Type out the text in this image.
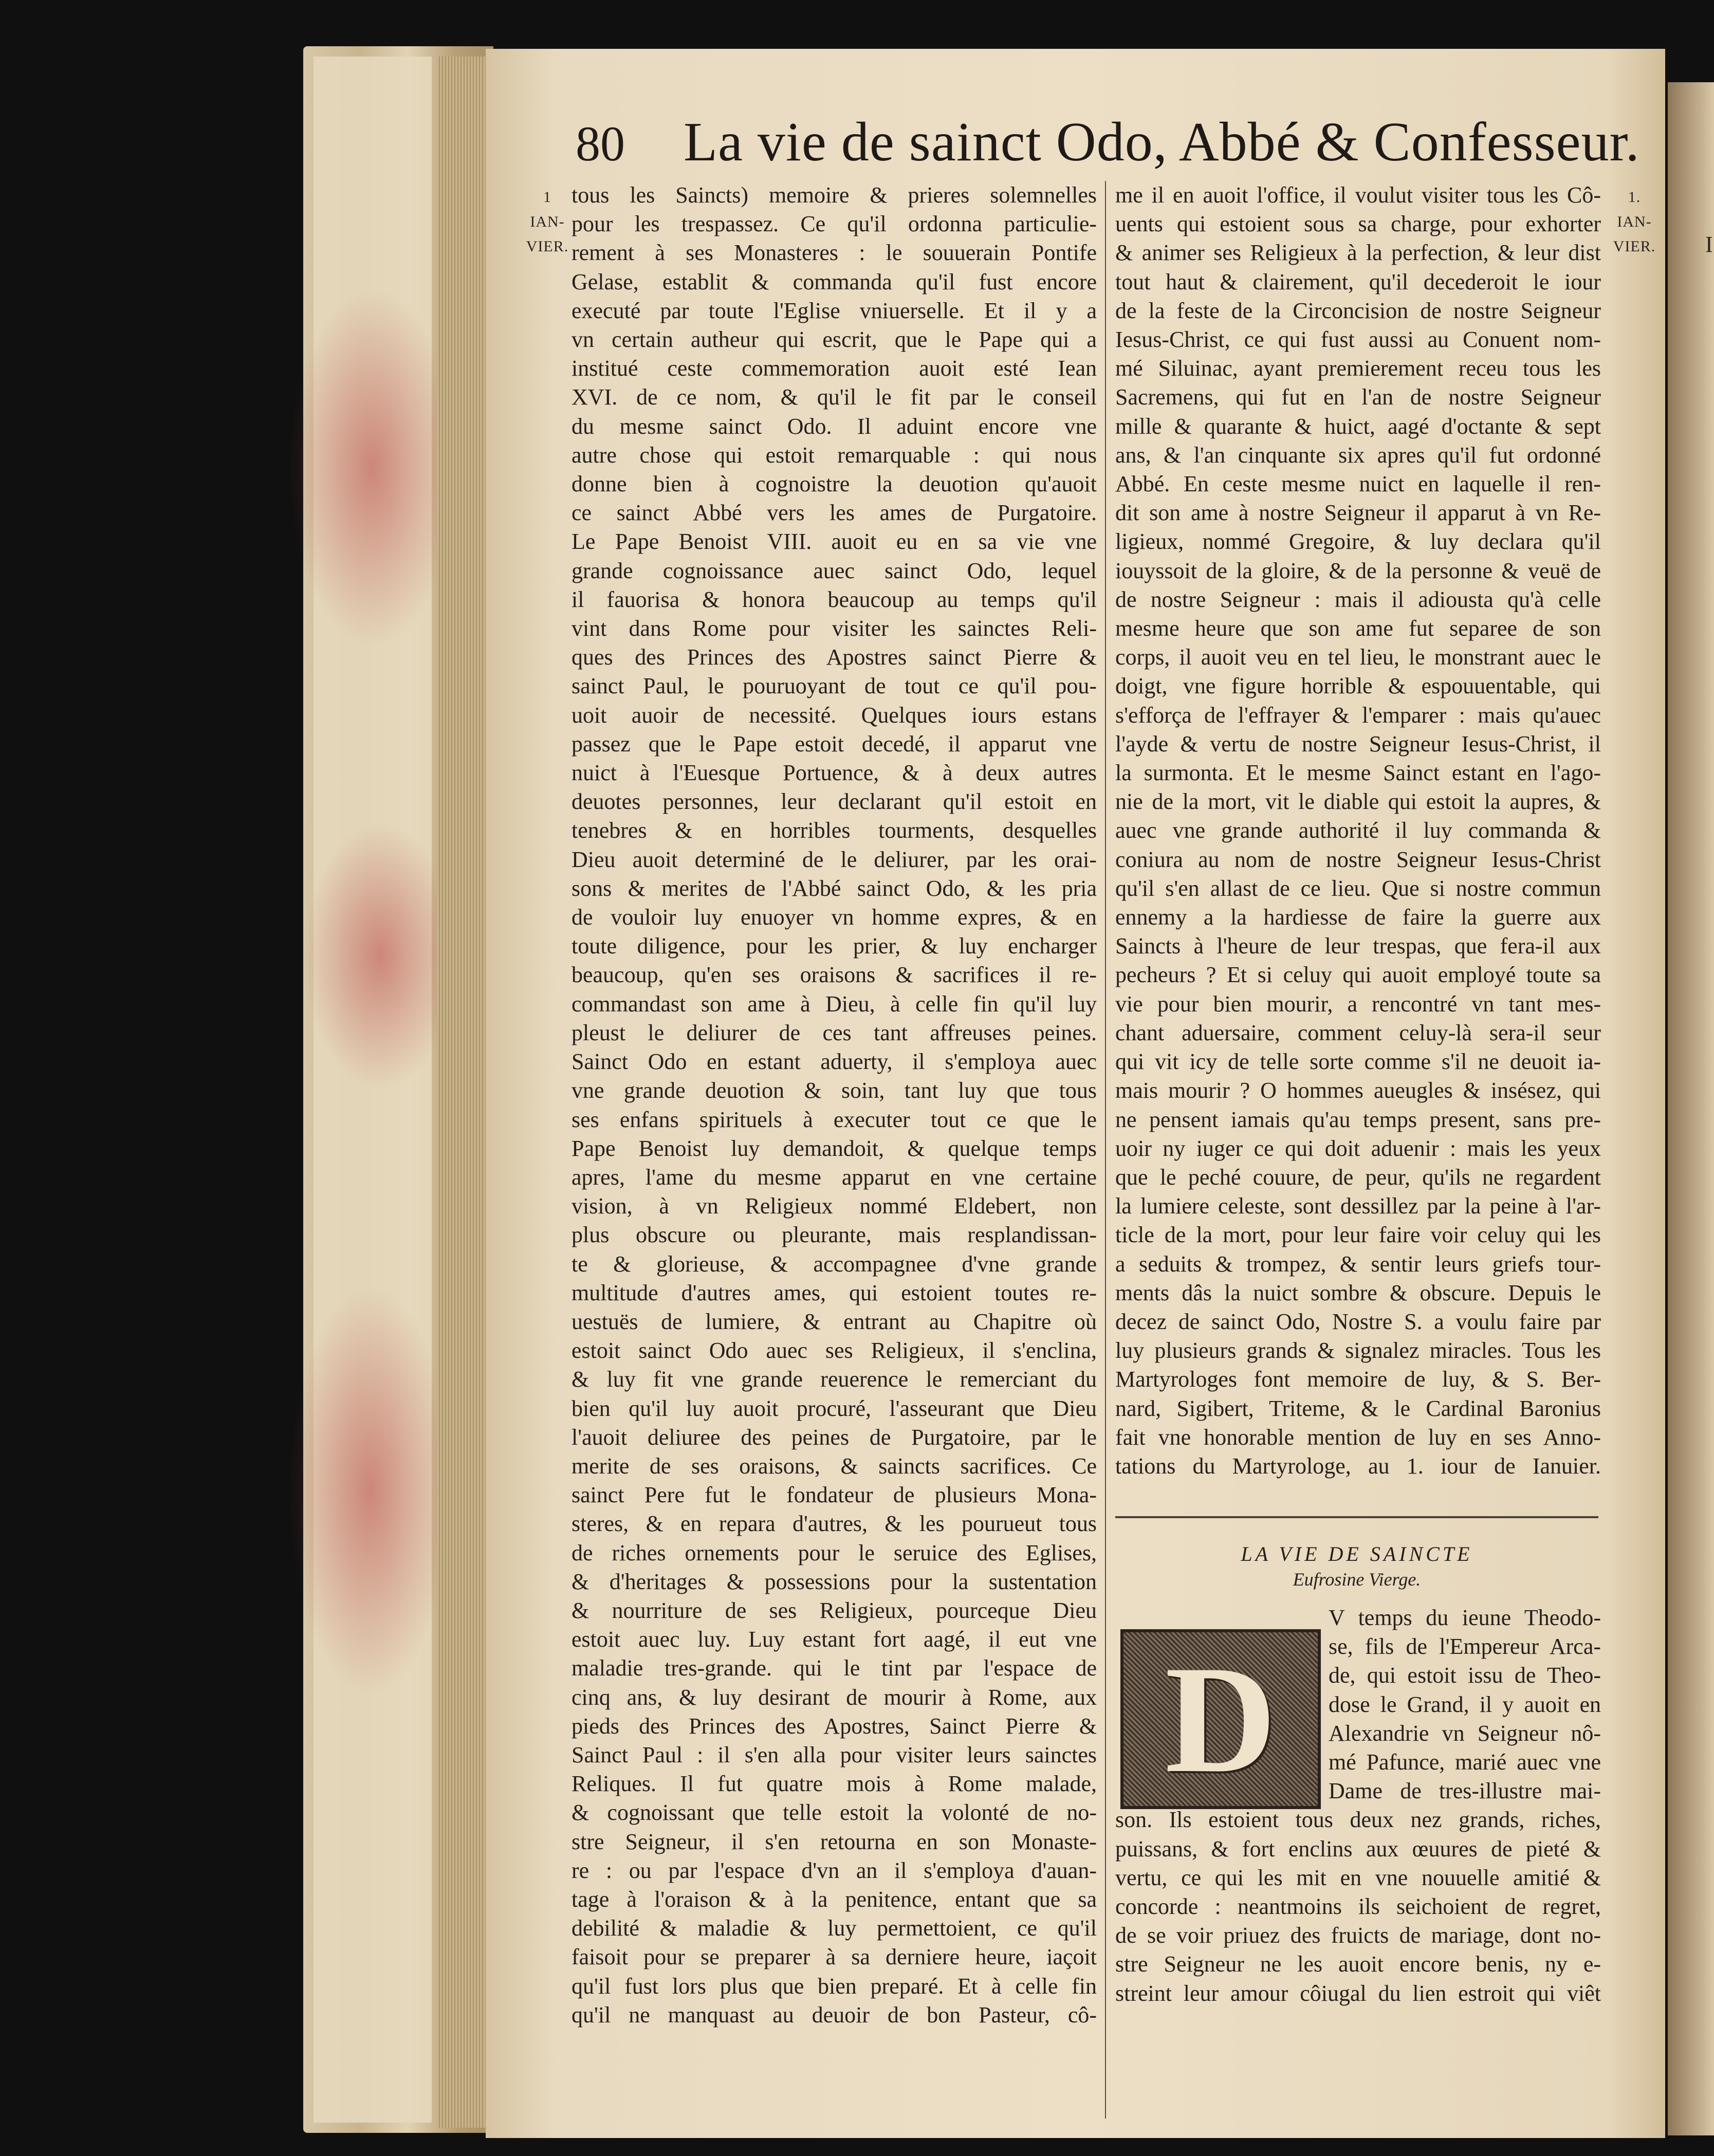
I
80	La vie de sainct Odo, Abbé & Confesseur.
1
IAN-
VIER.
1.
IAN-
VIER.
tous les Saincts) memoire & prieres solemnelles
pour les trespassez. Ce qu'il ordonna particulie-
rement à ses Monasteres : le souuerain Pontife
Gelase, establit & commanda qu'il fust encore
executé par toute l'Eglise vniuerselle. Et il y a
vn certain autheur qui escrit, que le Pape qui a
institué ceste commemoration auoit esté Iean
XVI. de ce nom, & qu'il le fit par le conseil
du mesme sainct Odo. Il aduint encore vne
autre chose qui estoit remarquable : qui nous
donne bien à cognoistre la deuotion qu'auoit
ce sainct Abbé vers les ames de Purgatoire.
Le Pape Benoist VIII. auoit eu en sa vie vne
grande cognoissance auec sainct Odo, lequel
il fauorisa & honora beaucoup au temps qu'il
vint dans Rome pour visiter les sainctes Reli-
ques des Princes des Apostres sainct Pierre &
sainct Paul, le pouruoyant de tout ce qu'il pou-
uoit auoir de necessité. Quelques iours estans
passez que le Pape estoit decedé, il apparut vne
nuict à l'Euesque Portuence, & à deux autres
deuotes personnes, leur declarant qu'il estoit en
tenebres & en horribles tourments, desquelles
Dieu auoit determiné de le deliurer, par les orai-
sons & merites de l'Abbé sainct Odo, & les pria
de vouloir luy enuoyer vn homme expres, & en
toute diligence, pour les prier, & luy encharger
beaucoup, qu'en ses oraisons & sacrifices il re-
commandast son ame à Dieu, à celle fin qu'il luy
pleust le deliurer de ces tant affreuses peines.
Sainct Odo en estant aduerty, il s'employa auec
vne grande deuotion & soin, tant luy que tous
ses enfans spirituels à executer tout ce que le
Pape Benoist luy demandoit, & quelque temps
apres, l'ame du mesme apparut en vne certaine
vision, à vn Religieux nommé Eldebert, non
plus obscure ou pleurante, mais resplandissan-
te & glorieuse, & accompagnee d'vne grande
multitude d'autres ames, qui estoient toutes re-
uestuës de lumiere, & entrant au Chapitre où
estoit sainct Odo auec ses Religieux, il s'enclina,
& luy fit vne grande reuerence le remerciant du
bien qu'il luy auoit procuré, l'asseurant que Dieu
l'auoit deliuree des peines de Purgatoire, par le
merite de ses oraisons, & saincts sacrifices. Ce
sainct Pere fut le fondateur de plusieurs Mona-
steres, & en repara d'autres, & les pourueut tous
de riches ornements pour le seruice des Eglises,
& d'heritages & possessions pour la sustentation
& nourriture de ses Religieux, pourceque Dieu
estoit auec luy. Luy estant fort aagé, il eut vne
maladie tres-grande. qui le tint par l'espace de
cinq ans, & luy desirant de mourir à Rome, aux
pieds des Princes des Apostres, Sainct Pierre &
Sainct Paul : il s'en alla pour visiter leurs sainctes
Reliques. Il fut quatre mois à Rome malade,
& cognoissant que telle estoit la volonté de no-
stre Seigneur, il s'en retourna en son Monaste-
re : ou par l'espace d'vn an il s'employa d'auan-
tage à l'oraison & à la penitence, entant que sa
debilité & maladie & luy permettoient, ce qu'il
faisoit pour se preparer à sa derniere heure, iaçoit
qu'il fust lors plus que bien preparé. Et à celle fin
qu'il ne manquast au deuoir de bon Pasteur, cô-
me il en auoit l'office, il voulut visiter tous les Cô-
uents qui estoient sous sa charge, pour exhorter
& animer ses Religieux à la perfection, & leur dist
tout haut & clairement, qu'il decederoit le iour
de la feste de la Circoncision de nostre Seigneur
Iesus-Christ, ce qui fust aussi au Conuent nom-
mé Siluinac, ayant premierement receu tous les
Sacremens, qui fut en l'an de nostre Seigneur
mille & quarante & huict, aagé d'octante & sept
ans, & l'an cinquante six apres qu'il fut ordonné
Abbé. En ceste mesme nuict en laquelle il ren-
dit son ame à nostre Seigneur il apparut à vn Re-
ligieux, nommé Gregoire, & luy declara qu'il
iouyssoit de la gloire, & de la personne & veuë de
de nostre Seigneur : mais il adiousta qu'à celle
mesme heure que son ame fut separee de son
corps, il auoit veu en tel lieu, le monstrant auec le
doigt, vne figure horrible & espouuentable, qui
s'efforça de l'effrayer & l'emparer : mais qu'auec
l'ayde & vertu de nostre Seigneur Iesus-Christ, il
la surmonta. Et le mesme Sainct estant en l'ago-
nie de la mort, vit le diable qui estoit la aupres, &
auec vne grande authorité il luy commanda &
coniura au nom de nostre Seigneur Iesus-Christ
qu'il s'en allast de ce lieu. Que si nostre commun
ennemy a la hardiesse de faire la guerre aux
Saincts à l'heure de leur trespas, que fera-il aux
pecheurs ? Et si celuy qui auoit employé toute sa
vie pour bien mourir, a rencontré vn tant mes-
chant aduersaire, comment celuy-là sera-il seur
qui vit icy de telle sorte comme s'il ne deuoit ia-
mais mourir ? O hommes aueugles & insésez, qui
ne pensent iamais qu'au temps present, sans pre-
uoir ny iuger ce qui doit aduenir : mais les yeux
que le peché couure, de peur, qu'ils ne regardent
la lumiere celeste, sont dessillez par la peine à l'ar-
ticle de la mort, pour leur faire voir celuy qui les
a seduits & trompez, & sentir leurs griefs tour-
ments dâs la nuict sombre & obscure. Depuis le
decez de sainct Odo, Nostre S. a voulu faire par
luy plusieurs grands & signalez miracles. Tous les
Martyrologes font memoire de luy, & S. Ber-
nard, Sigibert, Triteme, & le Cardinal Baronius
fait vne honorable mention de luy en ses Anno-
tations du Martyrologe, au 1. iour de Ianuier.
LA VIE DE SAINCTE
Eufrosine Vierge.
D
V temps du ieune Theodo-
se, fils de l'Empereur Arca-
de, qui estoit issu de Theo-
dose le Grand, il y auoit en
Alexandrie vn Seigneur nô-
mé Pafunce, marié auec vne
Dame de tres-illustre mai-
son. Ils estoient tous deux nez grands, riches,
puissans, & fort enclins aux œuures de pieté &
vertu, ce qui les mit en vne nouuelle amitié &
concorde : neantmoins ils seichoient de regret,
de se voir priuez des fruicts de mariage, dont no-
stre Seigneur ne les auoit encore benis, ny e-
streint leur amour côiugal du lien estroit qui viêt
